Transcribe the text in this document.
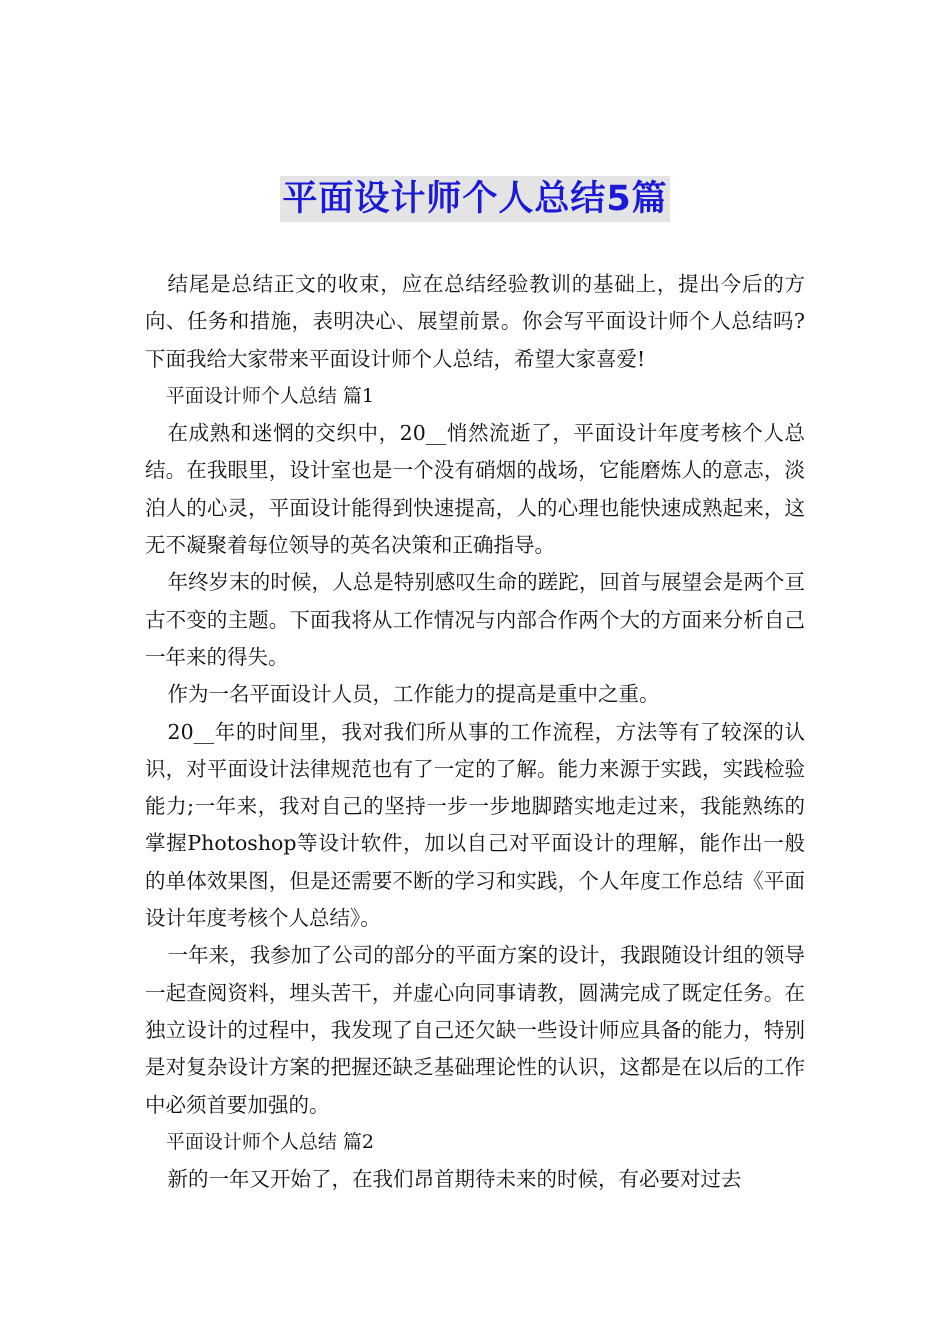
平面设计师个人总结5篇

结尾是总结正文的收束，应在总结经验教训的基础上，提出今后的方向、任务和措施，表明决心、展望前景。你会写平面设计师个人总结吗?下面我给大家带来平面设计师个人总结，希望大家喜爱!

平面设计师个人总结 篇1

在成熟和迷惘的交织中，20__悄然流逝了，平面设计年度考核个人总结。在我眼里，设计室也是一个没有硝烟的战场，它能磨炼人的意志，淡泊人的心灵，平面设计能得到快速提高，人的心理也能快速成熟起来，这无不凝聚着每位领导的英名决策和正确指导。

年终岁末的时候，人总是特别感叹生命的蹉跎，回首与展望会是两个亘古不变的主题。下面我将从工作情况与内部合作两个大的方面来分析自己一年来的得失。

作为一名平面设计人员，工作能力的提高是重中之重。

20__年的时间里，我对我们所从事的工作流程，方法等有了较深的认识，对平面设计法律规范也有了一定的了解。能力来源于实践，实践检验能力;一年来，我对自己的坚持一步一步地脚踏实地走过来，我能熟练的掌握Photoshop等设计软件，加以自己对平面设计的理解，能作出一般的单体效果图，但是还需要不断的学习和实践，个人年度工作总结《平面设计年度考核个人总结》。

一年来，我参加了公司的部分的平面方案的设计，我跟随设计组的领导一起查阅资料，埋头苦干，并虚心向同事请教，圆满完成了既定任务。在独立设计的过程中，我发现了自己还欠缺一些设计师应具备的能力，特别是对复杂设计方案的把握还缺乏基础理论性的认识，这都是在以后的工作中必须首要加强的。

平面设计师个人总结 篇2

新的一年又开始了，在我们昂首期待未来的时候，有必要对过去
